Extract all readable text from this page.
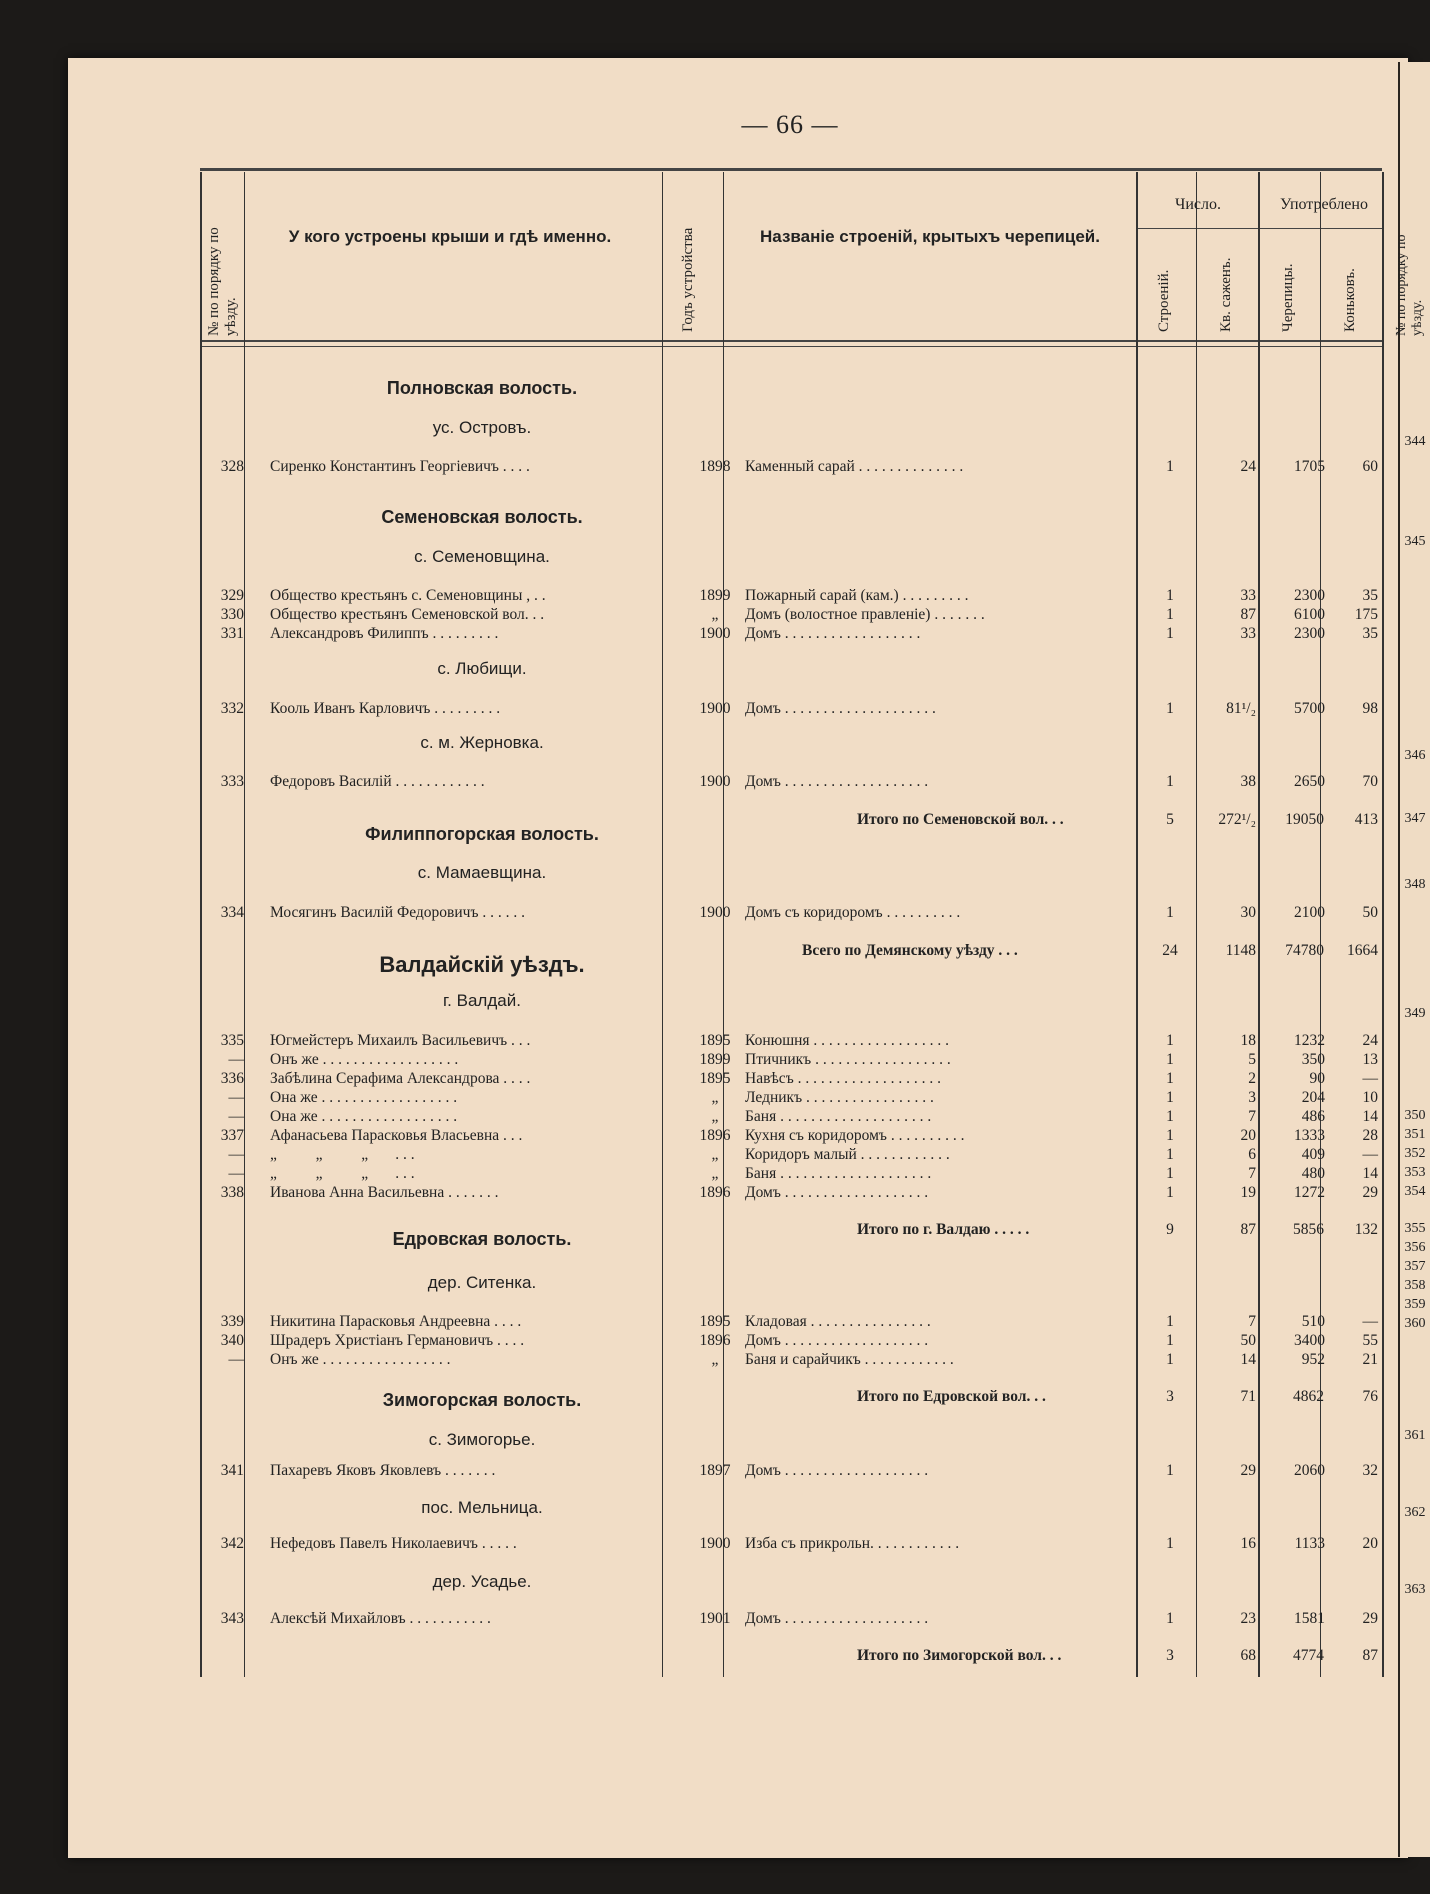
— 66 —
№ по порядку по уѣзду.
У кого устроены крыши и гдѣ именно.	Годъ устройства	Названіе строеній, крытыхъ черепицей.
Число.
Строеній.	Кв. саженъ.
Употреблено
Черепицы.	Коньковъ.
Полновская волость.
ус. Островъ.
Семеновская волость.
с. Семеновщина.
с. Любищи.
с. м. Жерновка.
Филиппогорская волость.
с. Мамаевщина.
Валдайскій уѣздъ.
г. Валдай.
Едровская волость.
дер. Ситенка.
Зимогорская волость.
с. Зимогорье.
пос. Мельница.
дер. Усадье.
328 Сиренко Константинъ Георгіевичъ . . . .	1898 Каменный сарай . . . . . . . . . . . . . .	1	24	1705	60
329 Общество крестьянъ с. Семеновщины , . .	1899 Пожарный сарай (кам.) . . . . . . . . .	1	33	2300	35
330 Общество крестьянъ Семеновской вол. . .	„	Домъ (волостное правленіе) . . . . . . .	1	87	6100	175
331 Александровъ Филиппъ . . . . . . . . .	1900 Домъ . . . . . . . . . . . . . . . . . .	1	33	2300	35
332 Кооль Иванъ Карловичъ . . . . . . . . .	1900 Домъ . . . . . . . . . . . . . . . . . . . .	1	81¹/₂	5700	98
333 Федоровъ Василій . . . . . . . . . . . .	1900 Домъ . . . . . . . . . . . . . . . . . . .	1	38	2650	70
Итого по Семеновской вол. . .	5	272¹/₂	19050	413
334 Мосягинъ Василій Федоровичъ . . . . . .	1900 Домъ съ коридоромъ . . . . . . . . . .	1	30	2100	50
Всего по Демянскому уѣзду . . .	24	1148	74780	1664
335 Югмейстеръ Михаилъ Васильевичъ . . .	1895 Конюшня . . . . . . . . . . . . . . . . . .	1	18	1232	24
— Онъ же . . . . . . . . . . . . . . . . . .	1899 Птичникъ . . . . . . . . . . . . . . . . . .	1	5	350	13
336 Забѣлина Серафима Александрова . . . .	1895 Навѣсъ . . . . . . . . . . . . . . . . . . .	1	2	90	—
— Она же . . . . . . . . . . . . . . . . . .	„	Ледникъ . . . . . . . . . . . . . . . . .	1	3	204	10
— Она же . . . . . . . . . . . . . . . . . .	„	Баня . . . . . . . . . . . . . . . . . . . .	1	7	486	14
337 Афанасьева Парасковья Власьевна . . .	1896 Кухня съ коридоромъ . . . . . . . . . .	1	20	1333	28
— „          „          „       . . .	„	Коридоръ малый . . . . . . . . . . . .	1	6	409	—
— „          „          „       . . .	„	Баня . . . . . . . . . . . . . . . . . . . .	1	7	480	14
338 Иванова Анна Васильевна . . . . . . .	1896 Домъ . . . . . . . . . . . . . . . . . . .	1	19	1272	29
Итого по г. Валдаю . . . . .	9	87	5856	132
339 Никитина Парасковья Андреевна . . . .	1895 Кладовая . . . . . . . . . . . . . . . .	1	7	510	—
340 Шрадеръ Христіанъ Германовичъ . . . .	1896 Домъ . . . . . . . . . . . . . . . . . . .	1	50	3400	55
— Онъ же . . . . . . . . . . . . . . . . .	„	Баня и сарайчикъ . . . . . . . . . . . .	1	14	952	21
Итого по Едровской вол. . .	3	71	4862	76
341 Пахаревъ Яковъ Яковлевъ . . . . . . .	1897 Домъ . . . . . . . . . . . . . . . . . . .	1	29	2060	32
342 Нефедовъ Павелъ Николаевичъ . . . . .	1900 Изба съ прикрольн. . . . . . . . . . . .	1	16	1133	20
343 Алексѣй Михайловъ . . . . . . . . . . .	1901 Домъ . . . . . . . . . . . . . . . . . . .	1	23	1581	29
Итого по Зимогорской вол. . .	3	68	4774	87
№ по порядку по уѣзду.
344
345
346
347
348
349
350
351
352
353
354
355
356
357
358
359
360
361
362
363
